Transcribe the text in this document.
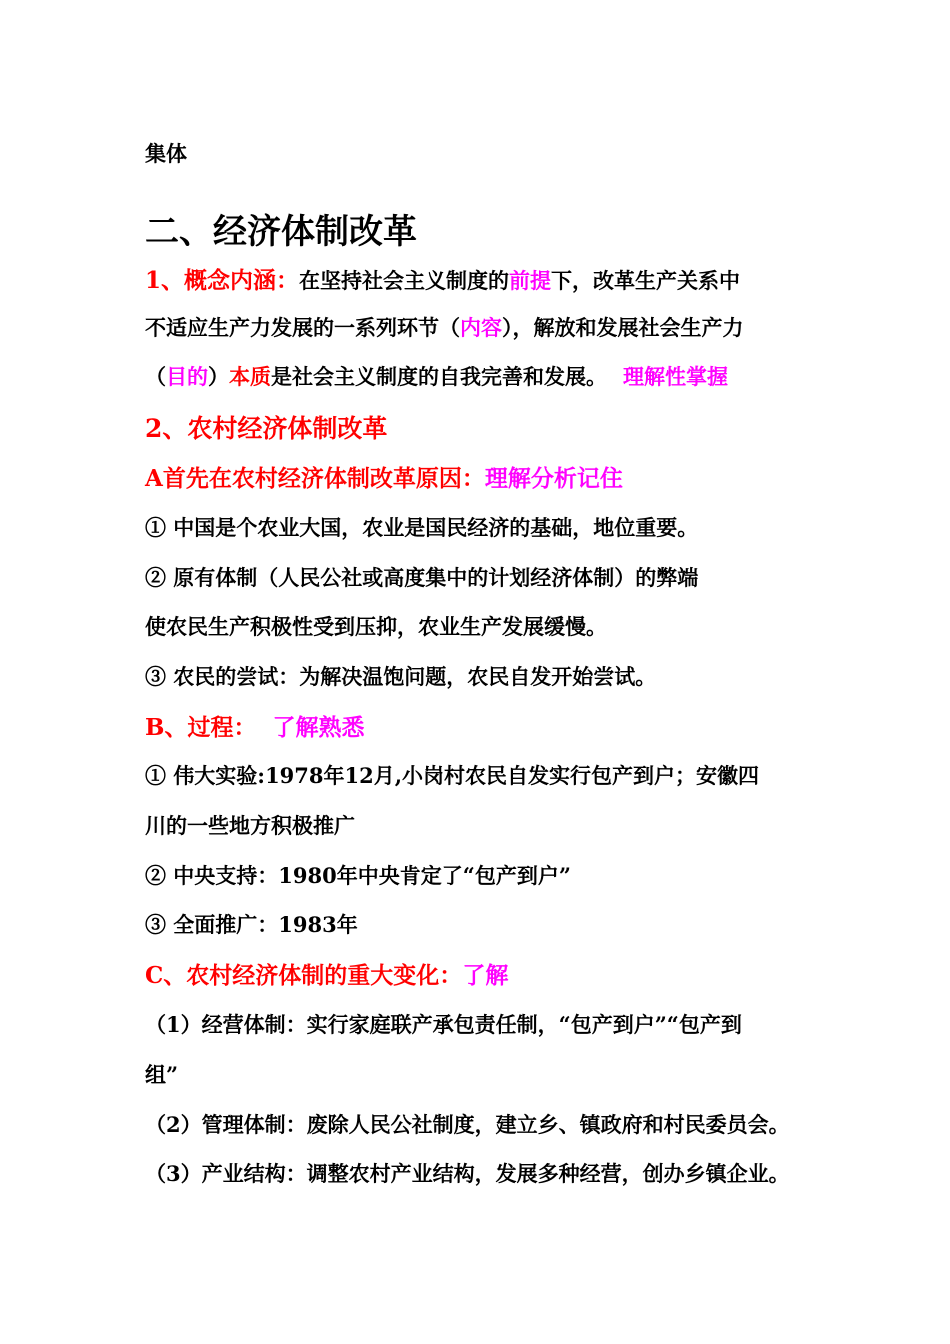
集体
二、经济体制改革
1、概念内涵：在坚持社会主义制度的前提下，改革生产关系中
不适应生产力发展的一系列环节（内容），解放和发展社会生产力
（目的）本质是社会主义制度的自我完善和发展。 理解性掌握
2、农村经济体制改革
A首先在农村经济体制改革原因：理解分析记住
① 中国是个农业大国，农业是国民经济的基础，地位重要。
② 原有体制（人民公社或高度集中的计划经济体制）的弊端
使农民生产积极性受到压抑，农业生产发展缓慢。
③ 农民的尝试：为解决温饱问题，农民自发开始尝试。
B、过程： 了解熟悉
① 伟大实验:1978年12月,小岗村农民自发实行包产到户；安徽四
川的一些地方积极推广
② 中央支持：1980年中央肯定了“包产到户”
③ 全面推广：1983年
C、农村经济体制的重大变化：了解
（1）经营体制：实行家庭联产承包责任制，“包产到户”“包产到
组”
（2）管理体制：废除人民公社制度，建立乡、镇政府和村民委员会。
（3）产业结构：调整农村产业结构，发展多种经营，创办乡镇企业。
